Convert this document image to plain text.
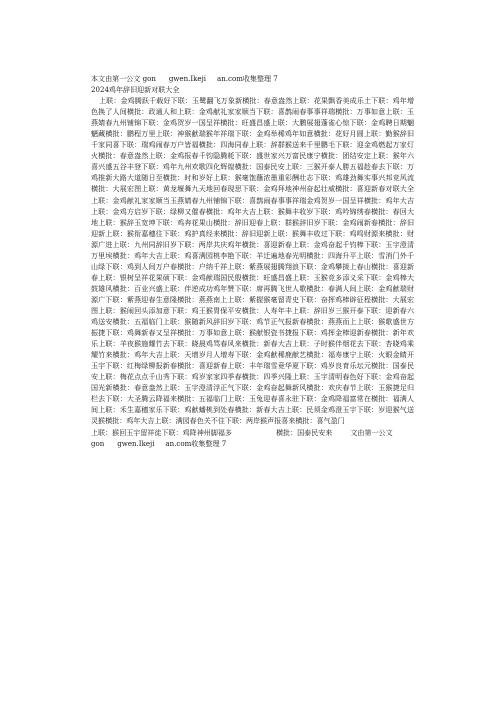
本文由第一公文 gon gwen.Ikeji an.com收集整理 7

2024鸡年辞旧迎新对联大全

上联：金鸡腾跃千载好下联：玉鹭翻飞万象新横批：春意盎然上联：花果飘香美成乐土下联：鸡年增色换了人间横批：政通人和上联：金鸡献礼家家顺当下联：喜鹊闹春事事祥瑞横批：万事如意上联：玉燕婧春九州铺锦下联：金鸡贺岁一国呈祥横批：旺盛昌盛上联：大鹏展翅蓬雀心惊下联：金鸡聘日期魍魉藏横批：鹏程万里上联：神猴献瑞猴年祥瑞下联：金鸡举稀鸡年如意横批：花好月圆上联：勤猴辞旧千家同喜下联：瑞鸡闹春万户皆福横批：四海同春上联：辞群猴送来千里鹏毛下联：迎金鸡燃起万家灯火横批：春意盎然上联：金鸡报春千钧隐腾耗下联：盛世家兴万富民康宁横批：团结安定上联：猴年六喜兴盛五谷丰登下联：鸡年九州欢歌四化辉煌横批：国泰民安上联：三猴开泰人勝五福趁春去下联：万鸡推新大路大道随日至横批：时和岁好上联：猴毫饱蘸浓墨重彩酬壮志下联：鸡雄劲舞实事兴邦竞风流横批：大展宏图上联：黄龙堰舞九天地回春现思下联：金鸡拜地神州奋起壮威横批：喜迎新春对联大全上联：金鸡献礼家家顺当玉燕婧春九州铺锦下联：喜鹊闹春事事祥瑞金鸡贺岁一国呈祥横批：鸡年大吉上联：金鸡方启岁下联：绿柳又催春横批：鸡年大吉上联：猴舞丰收岁下联：鸡吟锦绣春横批：春回大地上联：猴辞玉宽坤下联：鸡奔花果山横批：辞旧迎春上联：群猴辞旧岁下联：金鸡闹新春横批：辞旧迎新上联：猴衔嘉穗往下联：鸡护真经来横批：辞旧迎新上联：猴舞丰收过下联：鸡鸣财源来横批：财源广进上联：九州同辞旧岁下联：两岸共庆鸡年横批：喜迎新春上联：金鸡奋起千钧棒下联：玉宇澄清万里埃横批：鸡年大吉上联：鸡喜满园桃李艳下联：羊迁遍地春光明横批：四海升平上联：雪消门外千山绿下联：鸡到人间万户春横批：户纳千祥上联：紫燕展翅腾翔浪下联：金鸡攀援上春山横批：喜迎新春上联：银树呈祥花果硕下联：金鸡献瑞国民殷横批：旺盛昌盛上联：玉猴竞多添义采下联：金鸡棒大鼓雄风横批：百业兴盛上联：伴逆成功鸡年赞下联：席再腾飞世人歌横批：春满人间上联：金鸡献瑞财源广下联：紫燕迎春生意隆横批：燕燕南上上联：紫握猴毫留青史下联：奋挥鸡棒辟征程横批：大展宏图上联：猴闹回头添加意下联：鸡王猴胃保平安横批：人寿年丰上联：辞旧岁三猴开泰下联：迎新春六鸡送安横批：五福临门上联：猴随新风辞旧岁下联：鸡节正气报新春横批：燕燕而上上联：猴歌盛世方振捷下联：鸡舞新春又呈祥横批：万事如意上联：猴献银瓷书捷报下联：鸡挥金棒迎新春横批：新年欢乐上联：羊夜猴施耀竹去下联：晓晨鸡骂春风来横批：新春大吉上联：子时猴伴烟花去下联：杏晓鸡乘耀竹来横批：鸡年大吉上联：天增岁月人增寿下联：金鸡献稀鹿献艺横批：福寿康宁上联：火眼金睛开玉宇下联：红梅绿柳报新春横批：喜迎新春上联：丰年瑞雪竟华夏下联：鸡岁良育乐坛元横批：国泰民安上联：梅花点点千山秀下联：鸡岁家家四季春横批：四季兴隆上联：玉宇清明春色好下联：金鸡奋起国光新横批：春意盎然上联：玉宇澄清浮正气下联：金鸡奋起舞新风横批：欢庆春节上联：玉猴捷足归栏去下联：大圣腾云降福来横批：五福临门上联：玉兔迎春喜永驻下联：金鸡降福富常在横批：福满人间上联：禾生嘉穗家乐下联：鸡献蟠桃到处春横批：新春大吉上联：民须金鸡澄玉宇下联：岁迎猴气送灵猴横批：鸡年大吉上联：满园春色关不住下联：两岸猴声报喜来横批：喜气盈门

上联：猴回玉宇留祥徒下联：鸡降神州脚福多	横批：国泰民安来	文由第一公文

gon gwen.Ikeji an.com收集整理 7
